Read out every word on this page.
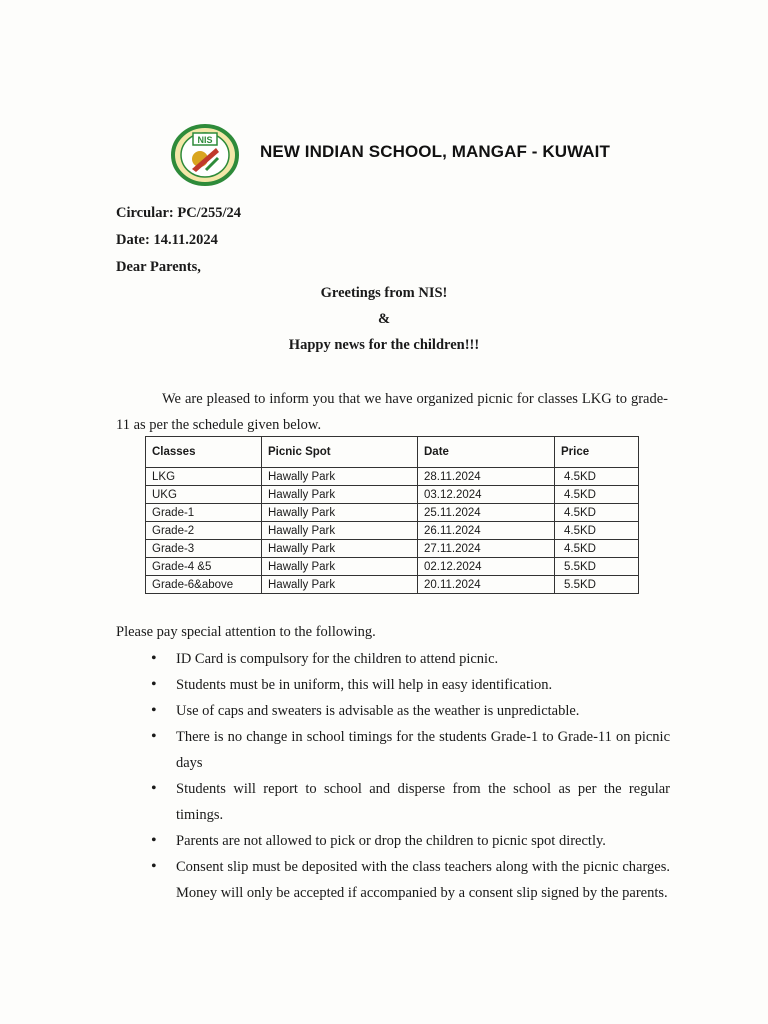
NIS
NEW INDIAN SCHOOL, MANGAF - KUWAIT
Circular: PC/255/24
Date: 14.11.2024
Dear Parents,
Greetings from NIS!
&
Happy news for the children!!!
We are pleased to inform you that we have organized picnic for classes LKG to grade-11 as per the schedule given below.
Classes	Picnic Spot	Date	Price
LKG	Hawally Park	28.11.2024	4.5KD
UKG	Hawally Park	03.12.2024	4.5KD
Grade-1	Hawally Park	25.11.2024	4.5KD
Grade-2	Hawally Park	26.11.2024	4.5KD
Grade-3	Hawally Park	27.11.2024	4.5KD
Grade-4 &5	Hawally Park	02.12.2024	5.5KD
Grade-6&above	Hawally Park	20.11.2024	5.5KD
Please pay special attention to the following.
• ID Card is compulsory for the children to attend picnic.
• Students must be in uniform, this will help in easy identification.
• Use of caps and sweaters is advisable as the weather is unpredictable.
• There is no change in school timings for the students Grade-1 to Grade-11 on picnic days
• Students will report to school and disperse from the school as per the regular timings.
• Parents are not allowed to pick or drop the children to picnic spot directly.
• Consent slip must be deposited with the class teachers along with the picnic charges. Money will only be accepted if accompanied by a consent slip signed by the parents.
